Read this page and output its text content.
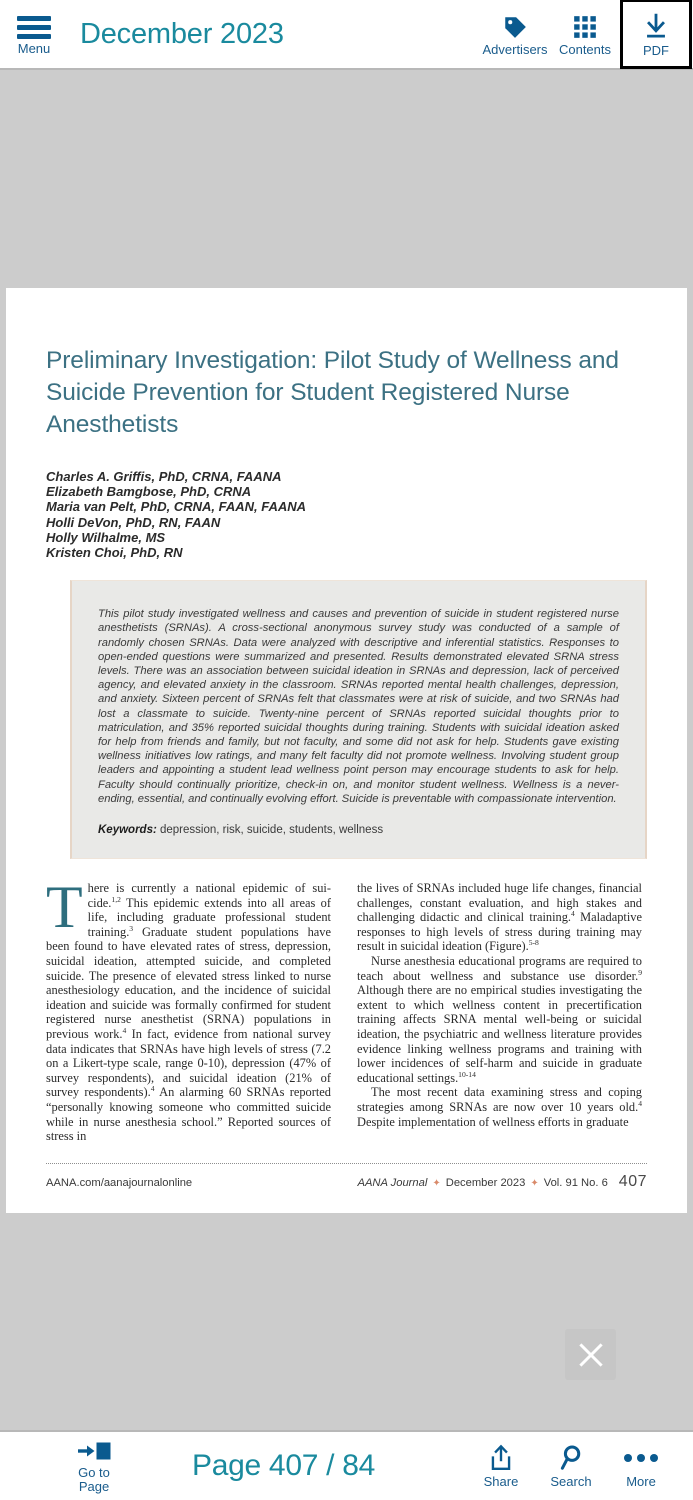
Menu December 2023	Advertisers Contents PDF
Preliminary Investigation: Pilot Study of Wellness and Suicide Prevention for Student Registered Nurse Anesthetists
Charles A. Griffis, PhD, CRNA, FAANA
Elizabeth Bamgbose, PhD, CRNA
Maria van Pelt, PhD, CRNA, FAAN, FAANA
Holli DeVon, PhD, RN, FAAN
Holly Wilhalme, MS
Kristen Choi, PhD, RN
This pilot study investigated wellness and causes and prevention of suicide in student registered nurse anesthetists (SRNAs). A cross-sectional anonymous survey study was conducted of a sample of randomly chosen SRNAs. Data were analyzed with descriptive and inferential statistics. Responses to open-ended questions were summarized and presented. Results demonstrated elevated SRNA stress levels. There was an association between suicidal ideation in SRNAs and depression, lack of perceived agency, and elevated anxiety in the classroom. SRNAs reported mental health challenges, depression, and anxiety. Sixteen percent of SRNAs felt that classmates were at risk of suicide, and two SRNAs had lost a classmate to suicide. Twenty-nine percent of SRNAs reported suicidal thoughts prior to matriculation, and 35% reported suicidal thoughts during training. Students with suicidal ideation asked for help from friends and family, but not faculty, and some did not ask for help. Students gave existing wellness initiatives low ratings, and many felt faculty did not promote wellness. Involving student group leaders and appointing a student lead wellness point person may encourage students to ask for help. Faculty should continually prioritize, check-in on, and monitor student wellness. Wellness is a never-ending, essential, and continually evolving effort. Suicide is preventable with compassionate intervention.
Keywords: depression, risk, suicide, students, wellness

There is currently a national epidemic of sui-cide.$^{1,2}$ This epidemic extends into all areas of life, including graduate professional student training.$^3$ Graduate student populations have been found to have elevated rates of stress, depression, suicidal ideation, attempted suicide, and completed suicide. The presence of elevated stress linked to nurse anesthesiology education, and the incidence of suicidal ideation and suicide was formally confirmed for student registered nurse anesthetist (SRNA) populations in previous work.$^4$ In fact, evidence from national survey data indicates that SRNAs have high levels of stress (7.2 on a Likert-type scale, range 0-10), depression (47% of survey respondents), and suicidal ideation (21% of survey respondents).$^4$ An alarming 60 SRNAs reported “personally knowing someone who committed suicide while in nurse anesthesia school.” Reported sources of stress in

the lives of SRNAs included huge life changes, financial challenges, constant evaluation, and high stakes and challenging didactic and clinical training.$^4$ Maladaptive responses to high levels of stress during training may result in suicidal ideation (Figure).$^{5-8}$

Nurse anesthesia educational programs are required to teach about wellness and substance use disorder.$^9$ Although there are no empirical studies investigating the extent to which wellness content in precertification training affects SRNA mental well-being or suicidal ideation, the psychiatric and wellness literature provides evidence linking wellness programs and training with lower incidences of self-harm and suicide in graduate educational settings.$^{10-14}$

The most recent data examining stress and coping strategies among SRNAs are now over 10 years old.$^4$ Despite implementation of wellness efforts in graduate

AANA.com/aanajournalonline	AANA Journal ✦ December 2023 ✦ Vol. 91 No. 6 407
Go to
Page
Page 407 / 84	Share Search	More
